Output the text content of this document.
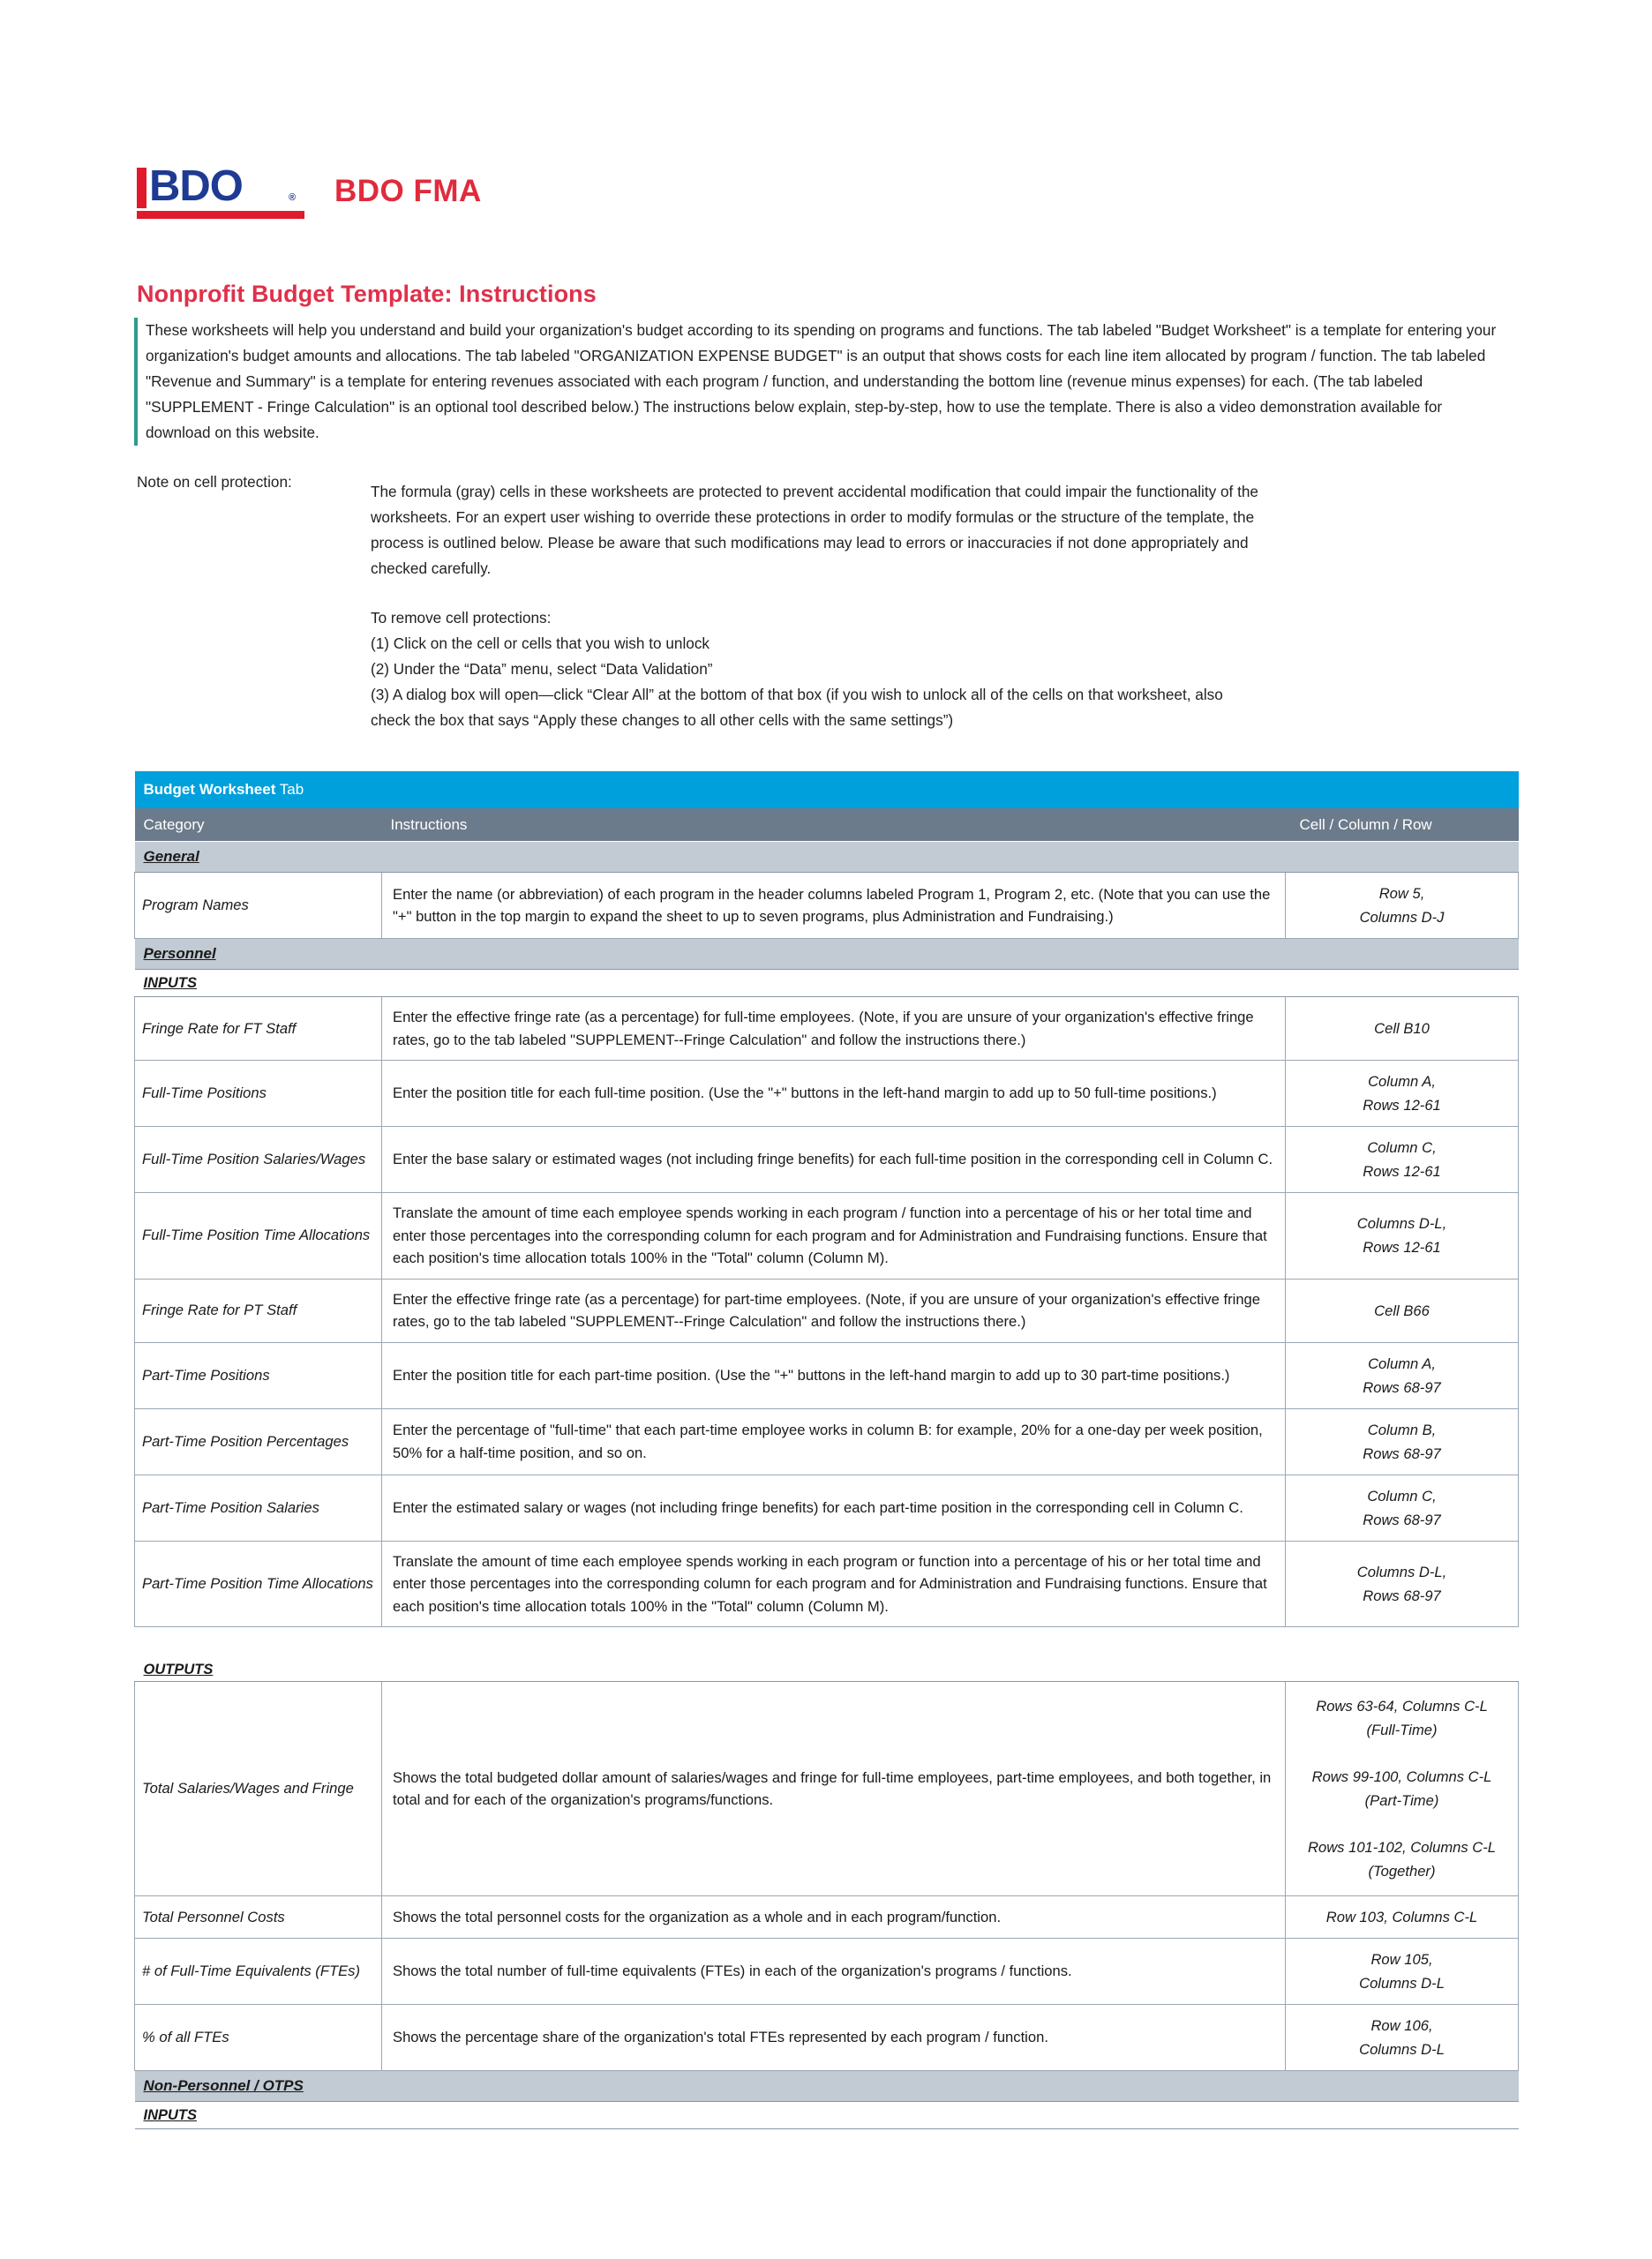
BDO	® BDO FMA
Nonprofit Budget Template: Instructions

These worksheets will help you understand and build your organization's budget according to its spending on programs and functions. The tab labeled "Budget Worksheet" is a template for entering your organization's budget amounts and allocations. The tab labeled "ORGANIZATION EXPENSE BUDGET" is an output that shows costs for each line item allocated by program / function. The tab labeled "Revenue and Summary" is a template for entering revenues associated with each program / function, and understanding the bottom line (revenue minus expenses) for each. (The tab labeled "SUPPLEMENT - Fringe Calculation" is an optional tool described below.) The instructions below explain, step-by-step, how to use the template. There is also a video demonstration available for download on this website.

Note on cell protection:

The formula (gray) cells in these worksheets are protected to prevent accidental modification that could impair the functionality of the worksheets. For an expert user wishing to override these protections in order to modify formulas or the structure of the template, the process is outlined below. Please be aware that such modifications may lead to errors or inaccuracies if not done appropriately and checked carefully.

To remove cell protections:

(1) Click on the cell or cells that you wish to unlock
(2) Under the “Data” menu, select “Data Validation”
(3) A dialog box will open—click “Clear All” at the bottom of that box (if you wish to unlock all of the cells on that worksheet, also check the box that says “Apply these changes to all other cells with the same settings”)
Budget Worksheet Tab		
Category	Instructions	Cell / Column / Row
General		
Program Names	Enter the name (or abbreviation) of each program in the header columns labeled Program 1, Program 2, etc. (Note that you can use the "+" button in the top margin to expand the sheet to up to seven programs, plus Administration and Fundraising.)	Row 5,
Columns D-J

Personnel		
INPUTS		
Fringe Rate for FT Staff	Enter the effective fringe rate (as a percentage) for full-time employees. (Note, if you are unsure of your organization's effective fringe rates, go to the tab labeled "SUPPLEMENT--Fringe Calculation" and follow the instructions there.)	Cell B10

Full-Time Positions	Enter the position title for each full-time position. (Use the "+" buttons in the left-hand margin to add up to 50 full-time positions.)	Column A,
Rows 12-61

Full-Time Position Salaries/Wages	Enter the base salary or estimated wages (not including fringe benefits) for each full-time position in the corresponding cell in Column C.	Column C,
Rows 12-61

Full-Time Position Time Allocations	Translate the amount of time each employee spends working in each program / function into a percentage of his or her total time and enter those percentages into the corresponding column for each program and for Administration and Fundraising functions. Ensure that each position's time allocation totals 100% in the "Total" column (Column M).	Columns D-L,
Rows 12-61

Fringe Rate for PT Staff	Enter the effective fringe rate (as a percentage) for part-time employees. (Note, if you are unsure of your organization's effective fringe rates, go to the tab labeled "SUPPLEMENT--Fringe Calculation" and follow the instructions there.)	Cell B66

Part-Time Positions	Enter the position title for each part-time position. (Use the "+" buttons in the left-hand margin to add up to 30 part-time positions.)	Column A,
Rows 68-97

Part-Time Position Percentages	Enter the percentage of "full-time" that each part-time employee works in column B: for example, 20% for a one-day per week position, 50% for a half-time position, and so on.	Column B,
Rows 68-97

Part-Time Position Salaries	Enter the estimated salary or wages (not including fringe benefits) for each part-time position in the corresponding cell in Column C.	Column C,
Rows 68-97

Part-Time Position Time Allocations	Translate the amount of time each employee spends working in each program or function into a percentage of his or her total time and enter those percentages into the corresponding column for each program and for Administration and Fundraising functions. Ensure that each position's time allocation totals 100% in the "Total" column (Column M).	Columns D-L,
Rows 68-97

OUTPUTS		
Total Salaries/Wages and Fringe	Shows the total budgeted dollar amount of salaries/wages and fringe for full-time employees, part-time employees, and both together, in total and for each of the organization's programs/functions.	
Rows 63-64, Columns C-L
(Full-Time)
Rows 99-100, Columns C-L
(Part-Time)
Rows 101-102, Columns C-L
(Together)

Total Personnel Costs	Shows the total personnel costs for the organization as a whole and in each program/function.	Row 103, Columns C-L

# of Full-Time Equivalents (FTEs)	Shows the total number of full-time equivalents (FTEs) in each of the organization's programs / functions.	Row 105,
Columns D-L

% of all FTEs	Shows the percentage share of the organization's total FTEs represented by each program / function.	Row 106,
Columns D-L

Non-Personnel / OTPS		
INPUTS		
